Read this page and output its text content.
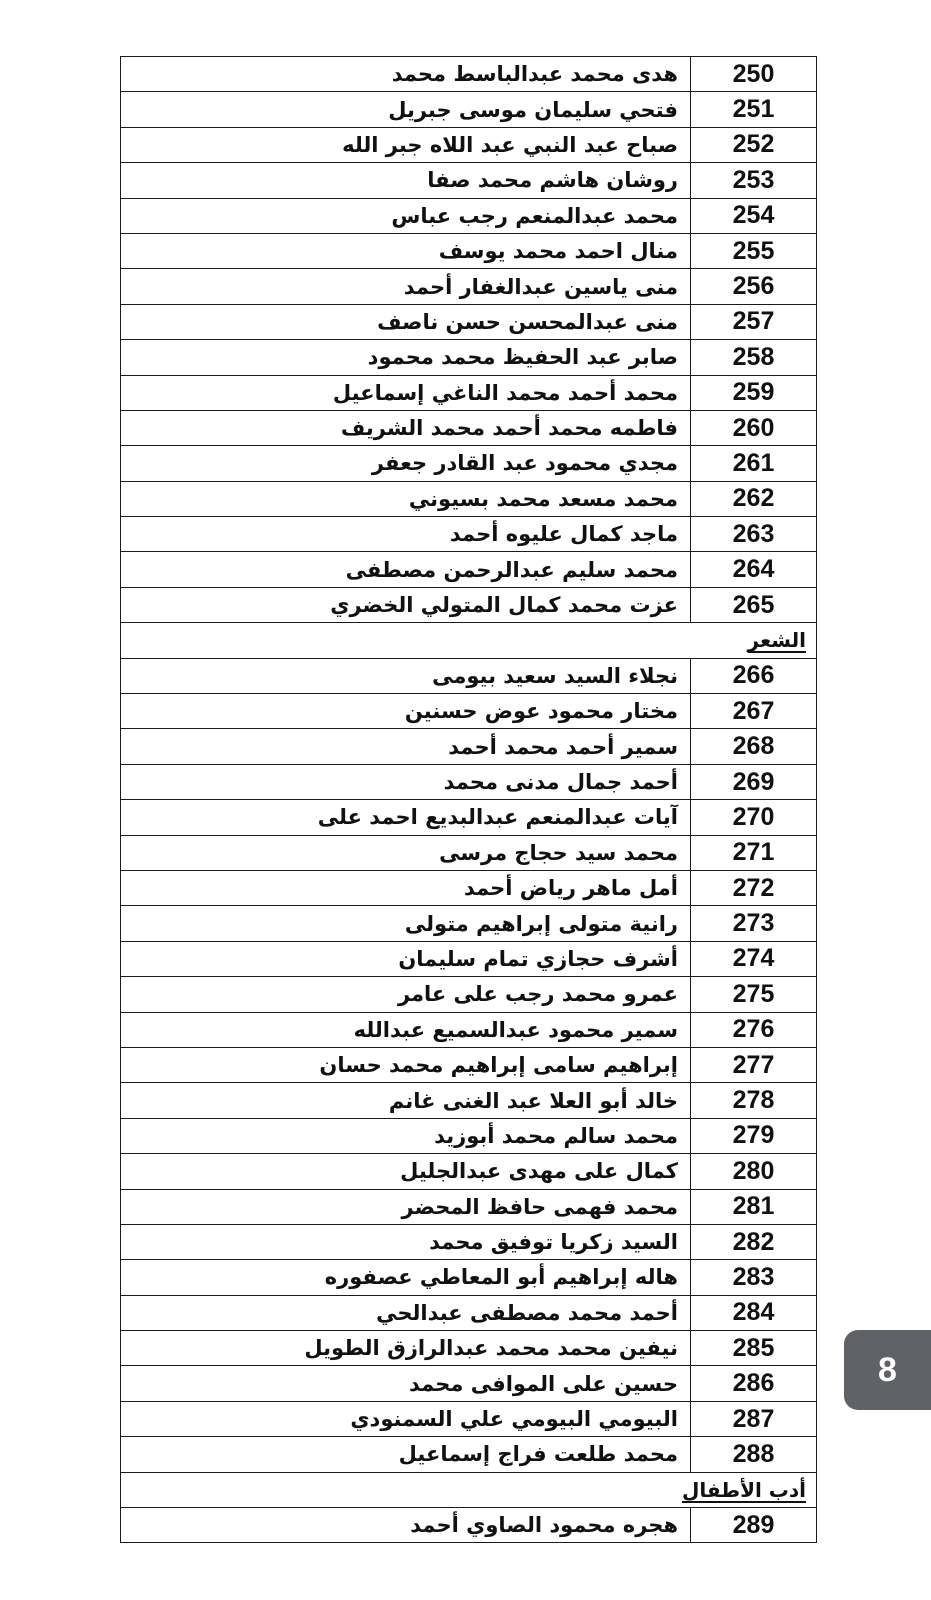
250	هدى محمد عبدالباسط محمد
251	فتحي سليمان موسى جبريل
252	صباح عبد النبي عبد اللاه جبر الله
253	روشان هاشم محمد صفا
254	محمد عبدالمنعم رجب عباس
255	منال احمد محمد يوسف
256	منى ياسين عبدالغفار أحمد
257	منى عبدالمحسن حسن ناصف
258	صابر عبد الحفيظ محمد محمود
259	محمد أحمد محمد الناغي إسماعيل
260	فاطمه محمد أحمد محمد الشريف
261	مجدي محمود عبد القادر جعفر
262	محمد مسعد محمد بسيوني
263	ماجد كمال عليوه أحمد
264	محمد سليم عبدالرحمن مصطفى
265	عزت محمد كمال المتولي الخضري
الشعر	
266	نجلاء السيد سعيد بيومى
267	مختار محمود عوض حسنين
268	سمير أحمد محمد أحمد
269	أحمد جمال مدنى محمد
270	آيات عبدالمنعم عبدالبديع احمد على
271	محمد سيد حجاج مرسى
272	أمل ماهر رياض أحمد
273	رانية متولى إبراهيم متولى
274	أشرف حجازي تمام سليمان
275	عمرو محمد رجب على عامر
276	سمير محمود عبدالسميع عبدالله
277	إبراهيم سامى إبراهيم محمد حسان
278	خالد أبو العلا عبد الغنى غانم
279	محمد سالم محمد أبوزيد
280	كمال على مهدى عبدالجليل
281	محمد فهمى حافظ المحضر
282	السيد زكريا توفيق محمد
283	هاله إبراهيم أبو المعاطي عصفوره
284	أحمد محمد مصطفى عبدالحي
285	نيفين محمد محمد عبدالرازق الطويل
286	حسين على الموافى محمد
287	البيومي البيومي علي السمنودي
288	محمد طلعت فراج إسماعيل
أدب الأطفال	
289	هجره محمود الصاوي أحمد
8
